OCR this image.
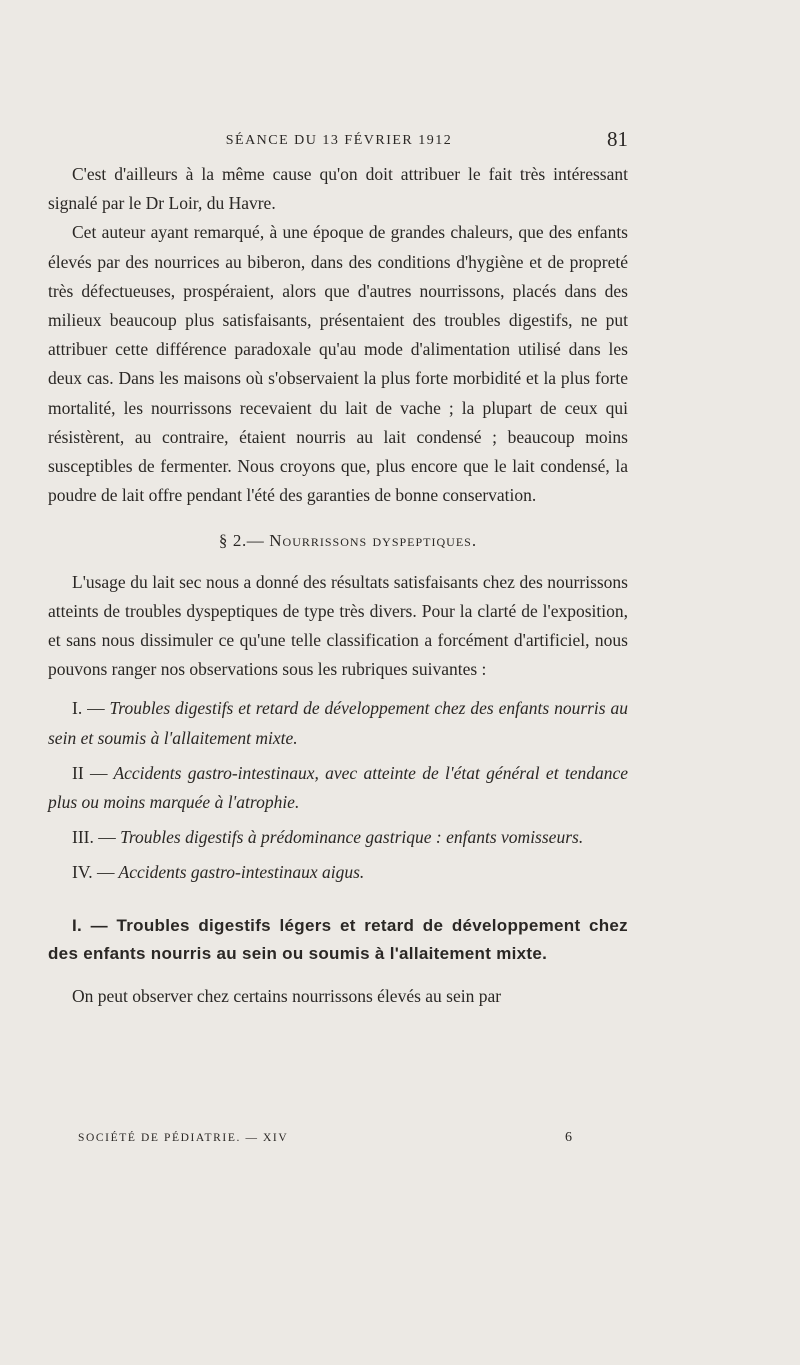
SÉANCE DU 13 FÉVRIER 1912	81

C'est d'ailleurs à la même cause qu'on doit attribuer le fait très intéressant signalé par le Dr Loir, du Havre.

Cet auteur ayant remarqué, à une époque de grandes chaleurs, que des enfants élevés par des nourrices au biberon, dans des conditions d'hygiène et de propreté très défectueuses, prospéraient, alors que d'autres nourrissons, placés dans des milieux beaucoup plus satisfaisants, présentaient des troubles digestifs, ne put attribuer cette différence paradoxale qu'au mode d'alimentation utilisé dans les deux cas. Dans les maisons où s'observaient la plus forte morbidité et la plus forte mortalité, les nourrissons recevaient du lait de vache ; la plupart de ceux qui résistèrent, au contraire, étaient nourris au lait condensé ; beaucoup moins susceptibles de fermenter. Nous croyons que, plus encore que le lait condensé, la poudre de lait offre pendant l'été des garanties de bonne conservation.

§ 2.— Nourrissons dyspeptiques.

L'usage du lait sec nous a donné des résultats satisfaisants chez des nourrissons atteints de troubles dyspeptiques de type très divers. Pour la clarté de l'exposition, et sans nous dissimuler ce qu'une telle classification a forcément d'artificiel, nous pouvons ranger nos observations sous les rubriques suivantes :

I. — Troubles digestifs et retard de développement chez des enfants nourris au sein et soumis à l'allaitement mixte.

II — Accidents gastro-intestinaux, avec atteinte de l'état général et tendance plus ou moins marquée à l'atrophie.

III. — Troubles digestifs à prédominance gastrique : enfants vomisseurs.

IV. — Accidents gastro-intestinaux aigus.

I. — Troubles digestifs légers et retard de développement chez des enfants nourris au sein ou soumis à l'allaitement mixte.

On peut observer chez certains nourrissons élevés au sein par

SOCIÉTÉ DE PÉDIATRIE. — XIV	6
